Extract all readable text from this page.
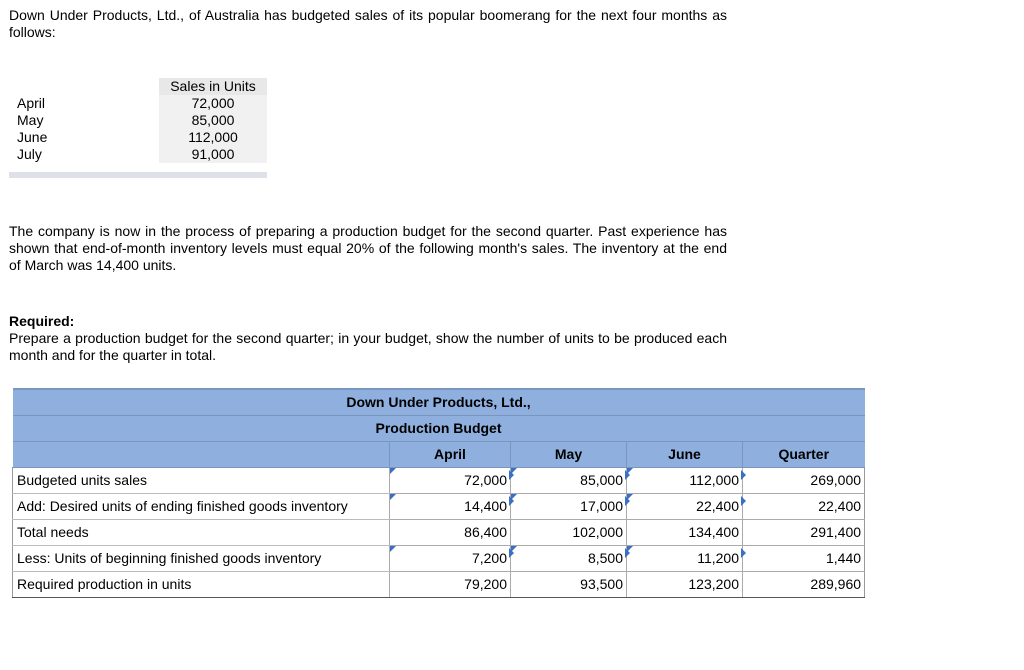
Down Under Products, Ltd., of Australia has budgeted sales of its popular boomerang for the next four months as follows:
	Sales in Units
April	72,000
May	85,000
June	112,000
July	91,000
The company is now in the process of preparing a production budget for the second quarter. Past experience has shown that end-of-month inventory levels must equal 20% of the following month's sales. The inventory at the end of March was 14,400 units.
Required:
Prepare a production budget for the second quarter; in your budget, show the number of units to be produced each month and for the quarter in total.
Down Under Products, Ltd.,				
Production Budget				
	April	May	June	Quarter
Budgeted units sales	72,000	85,000	112,000	269,000
Add: Desired units of ending finished goods inventory	14,400	17,000	22,400	22,400
Total needs	86,400	102,000	134,400	291,400
Less: Units of beginning finished goods inventory	7,200	8,500	11,200	1,440
Required production in units	79,200	93,500	123,200	289,960
